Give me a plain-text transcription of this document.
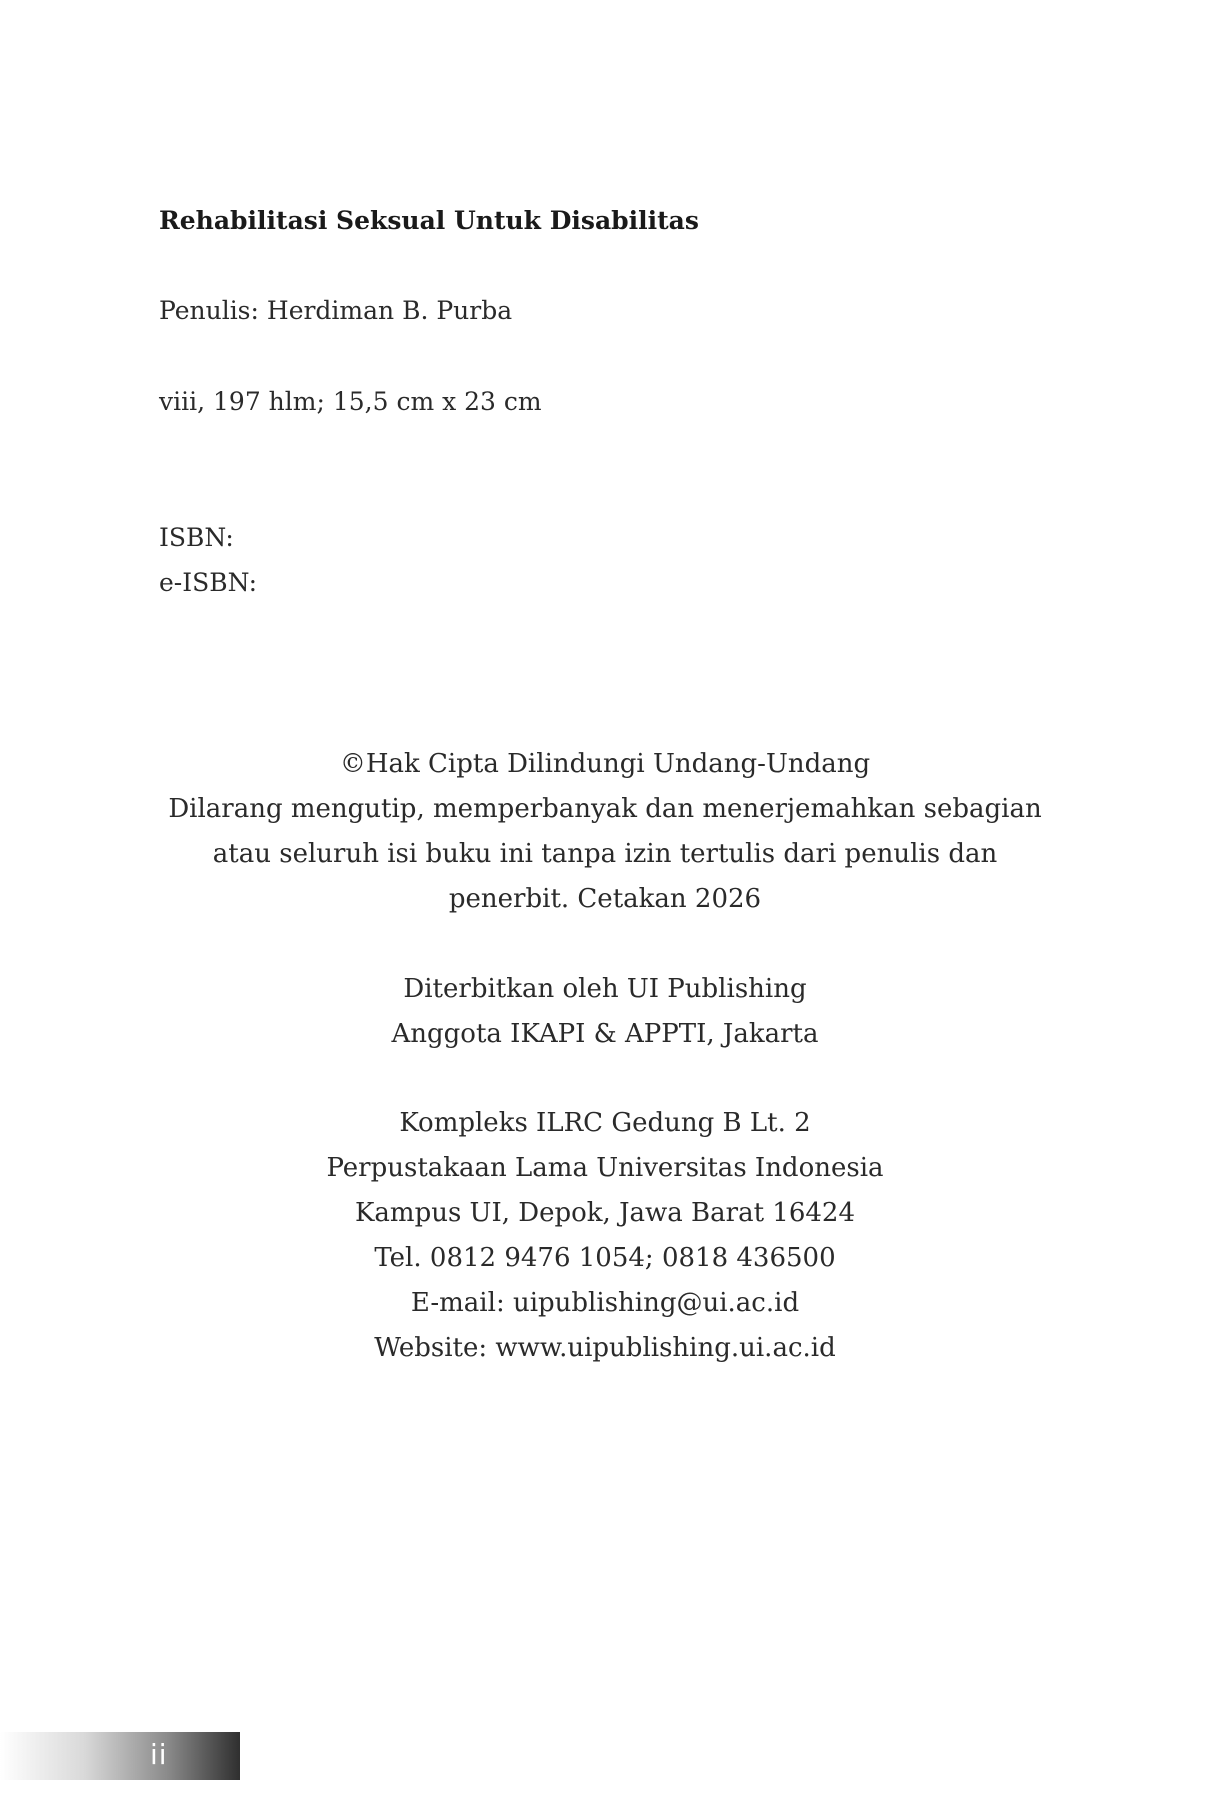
Rehabilitasi Seksual Untuk Disabilitas

Penulis: Herdiman B. Purba

viii, 197 hlm; 15,5 cm x 23 cm

ISBN:

e-ISBN:

©Hak Cipta Dilindungi Undang-Undang

Dilarang mengutip, memperbanyak dan menerjemahkan sebagian

atau seluruh isi buku ini tanpa izin tertulis dari penulis dan

penerbit. Cetakan 2026

Diterbitkan oleh UI Publishing

Anggota IKAPI & APPTI, Jakarta

Kompleks ILRC Gedung B Lt. 2

Perpustakaan Lama Universitas Indonesia

Kampus UI, Depok, Jawa Barat 16424

Tel. 0812 9476 1054; 0818 436500

E-mail: uipublishing@ui.ac.id

Website: www.uipublishing.ui.ac.id

ii
